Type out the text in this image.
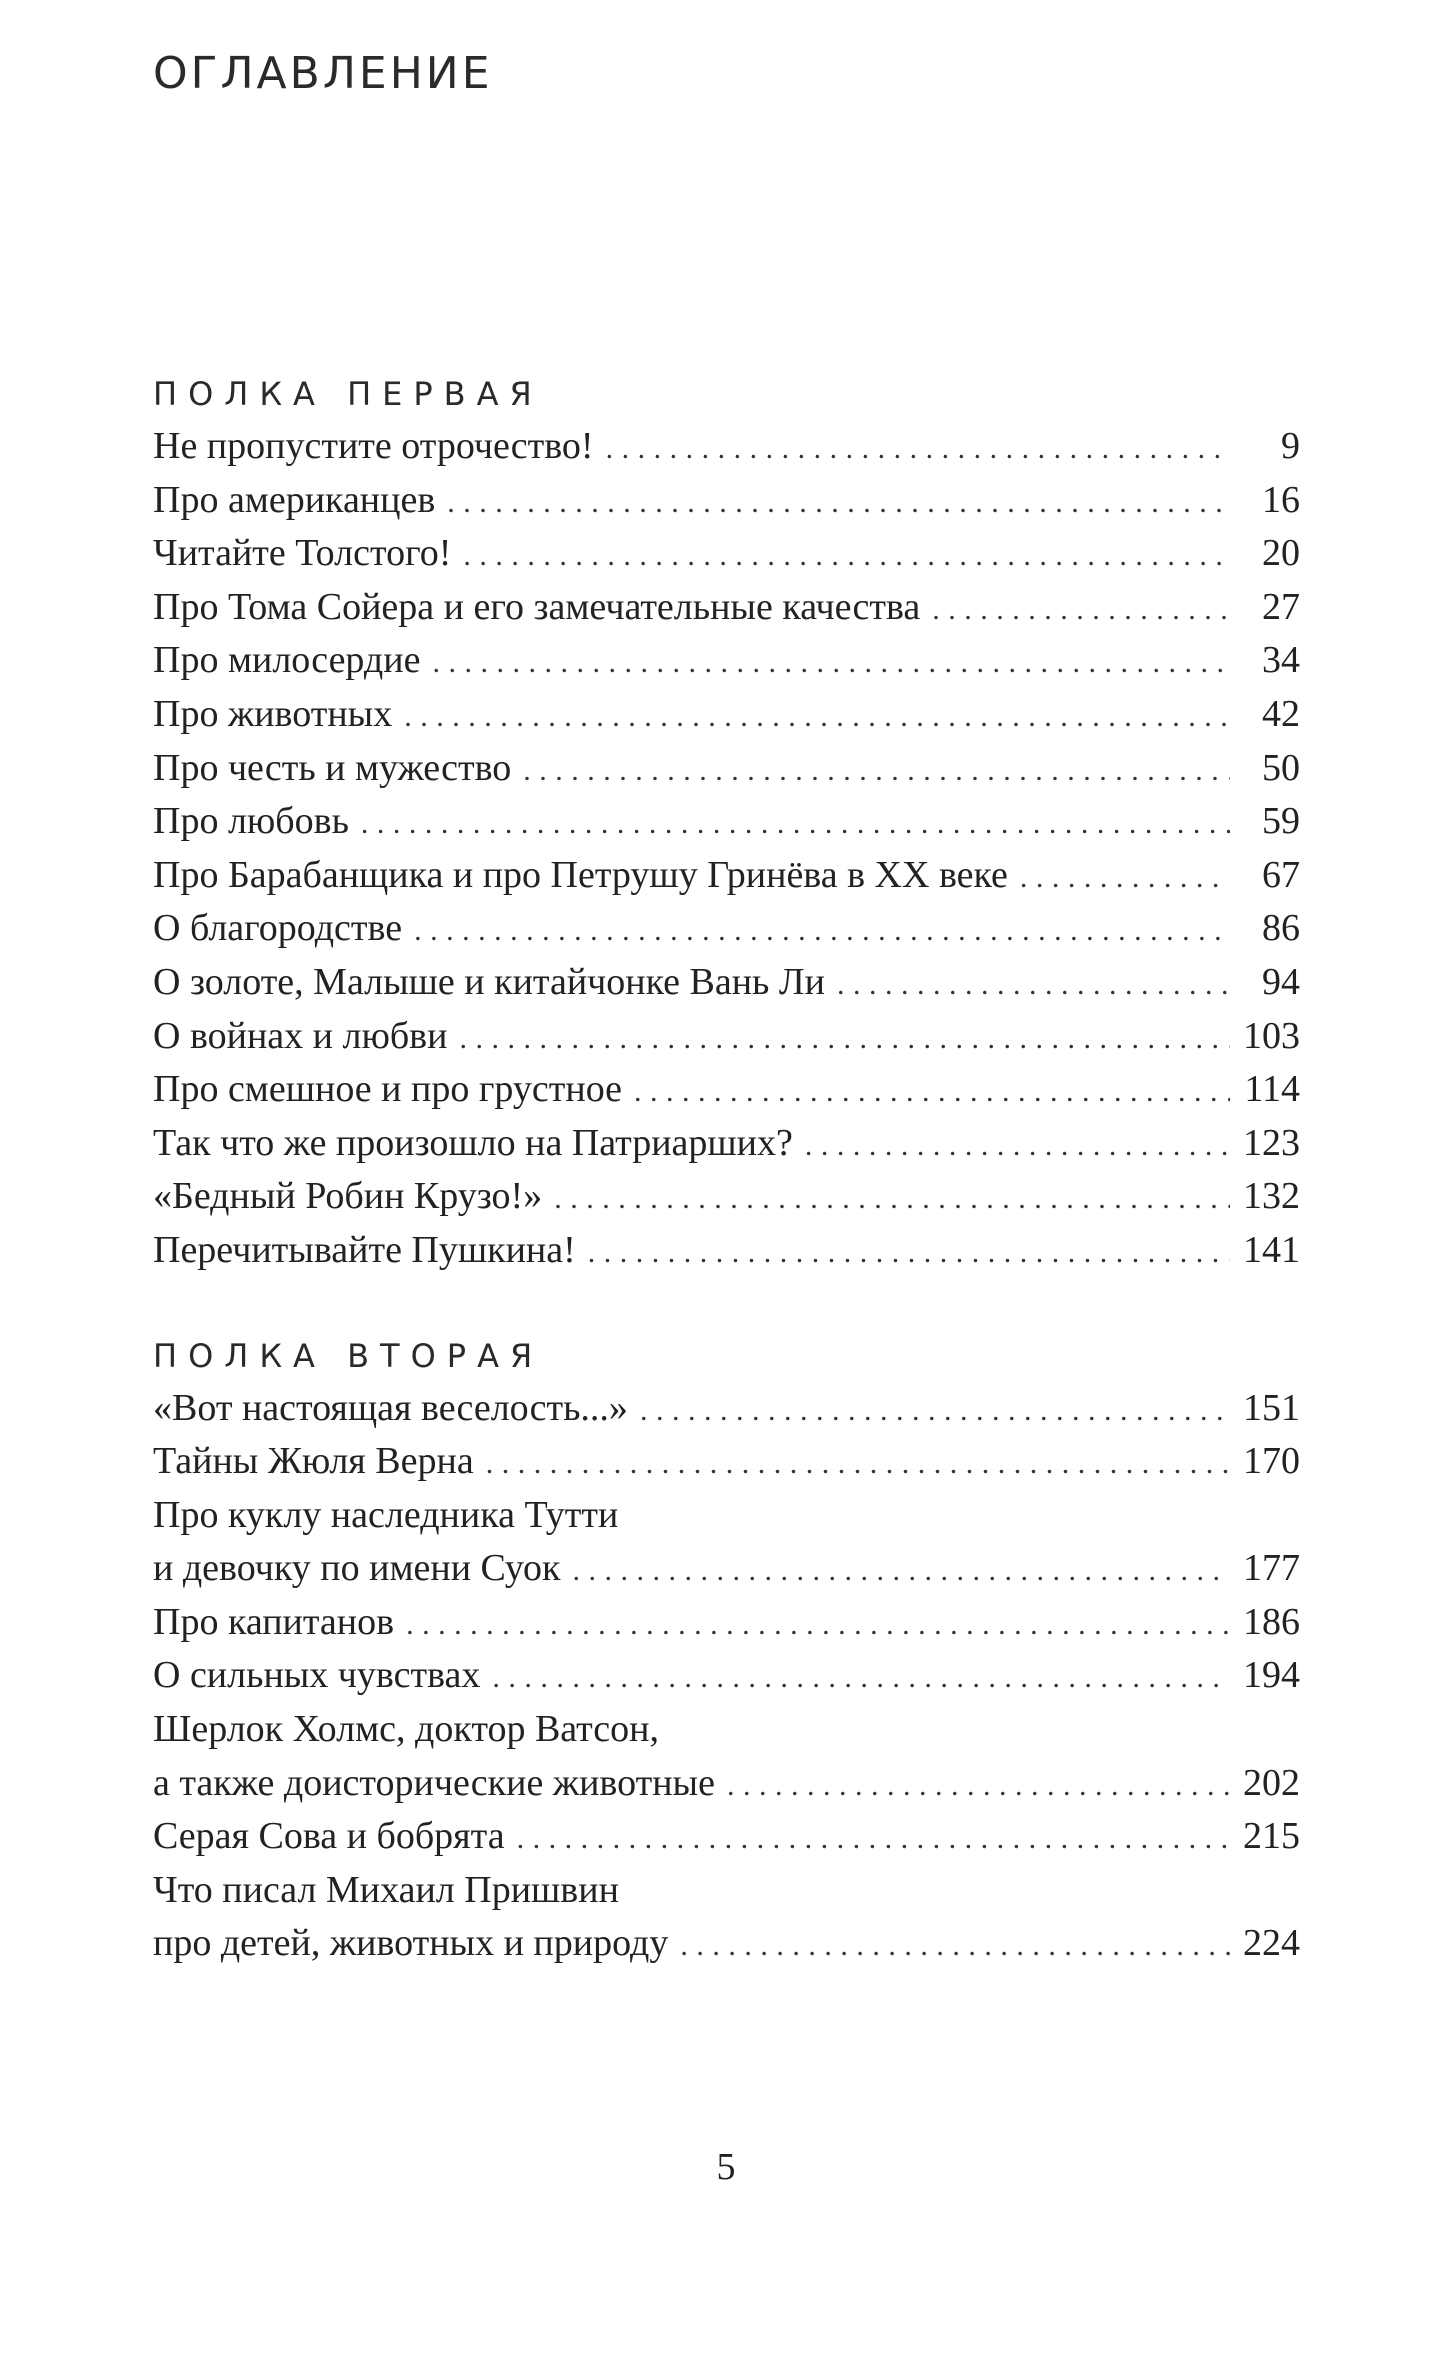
ОГЛАВЛЕНИЕ
ПОЛКА ПЕРВАЯ
Не пропустите отрочество! . . .	9
Про американцев . . .	16
Читайте Толстого! . . .	20
Про Тома Сойера и его замечательные качества . . .	27
Про милосердие . . .	34
Про животных . . .	42
Про честь и мужество . . .	50
Про любовь . . .	59
Про Барабанщика и про Петрушу Гринёва в XX веке . . .	67
О благородстве . . .	86
О золоте, Малыше и китайчонке Вань Ли . . .	94
О войнах и любви . . .	103
Про смешное и про грустное . . .	114
Так что же произошло на Патриарших? . . .	123
«Бедный Робин Крузо!» . . .	132
Перечитывайте Пушкина! . . .	141
ПОЛКА ВТОРАЯ
«Вот настоящая веселость...» . . .	151
Тайны Жюля Верна . . .	170
Про куклу наследника Тутти
и девочку по имени Суок . . .	177
Про капитанов . . .	186
О сильных чувствах . . .	194
Шерлок Холмс, доктор Ватсон,
а также доисторические животные . . .	202
Серая Сова и бобрята . . .	215
Что писал Михаил Пришвин
про детей, животных и природу . . .	224
5
